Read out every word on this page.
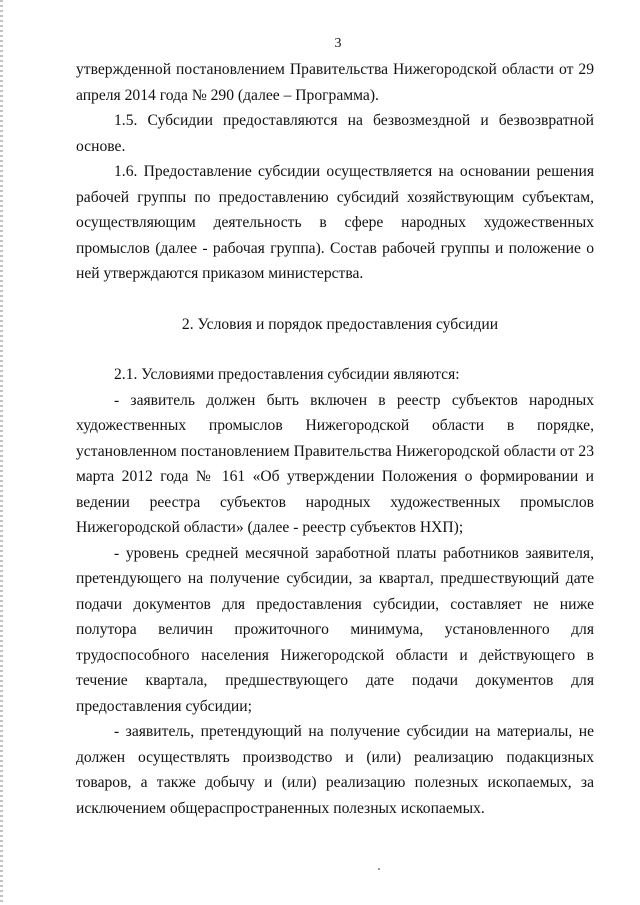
3

утвержденной постановлением Правительства Нижегородской области от 29 апреля 2014 года № 290 (далее – Программа).

1.5. Субсидии предоставляются на безвозмездной и безвозвратной основе.

1.6. Предоставление субсидии осуществляется на основании решения рабочей группы по предоставлению субсидий хозяйствующим субъектам, осуществляющим деятельность в сфере народных художественных промыслов (далее - рабочая группа). Состав рабочей группы и положение о ней утверждаются приказом министерства.

2. Условия и порядок предоставления субсидии

2.1. Условиями предоставления субсидии являются:

- заявитель должен быть включен в реестр субъектов народных художественных промыслов Нижегородской области в порядке, установленном постановлением Правительства Нижегородской области от 23 марта 2012 года № 161 «Об утверждении Положения о формировании и ведении реестра субъектов народных художественных промыслов Нижегородской области» (далее - реестр субъектов НХП);

- уровень средней месячной заработной платы работников заявителя, претендующего на получение субсидии, за квартал, предшествующий дате подачи документов для предоставления субсидии, составляет не ниже полутора величин прожиточного минимума, установленного для трудоспособного населения Нижегородской области и действующего в течение квартала, предшествующего дате подачи документов для предоставления субсидии;

- заявитель, претендующий на получение субсидии на материалы, не должен осуществлять производство и (или) реализацию подакцизных товаров, а также добычу и (или) реализацию полезных ископаемых, за исключением общераспространенных полезных ископаемых.
